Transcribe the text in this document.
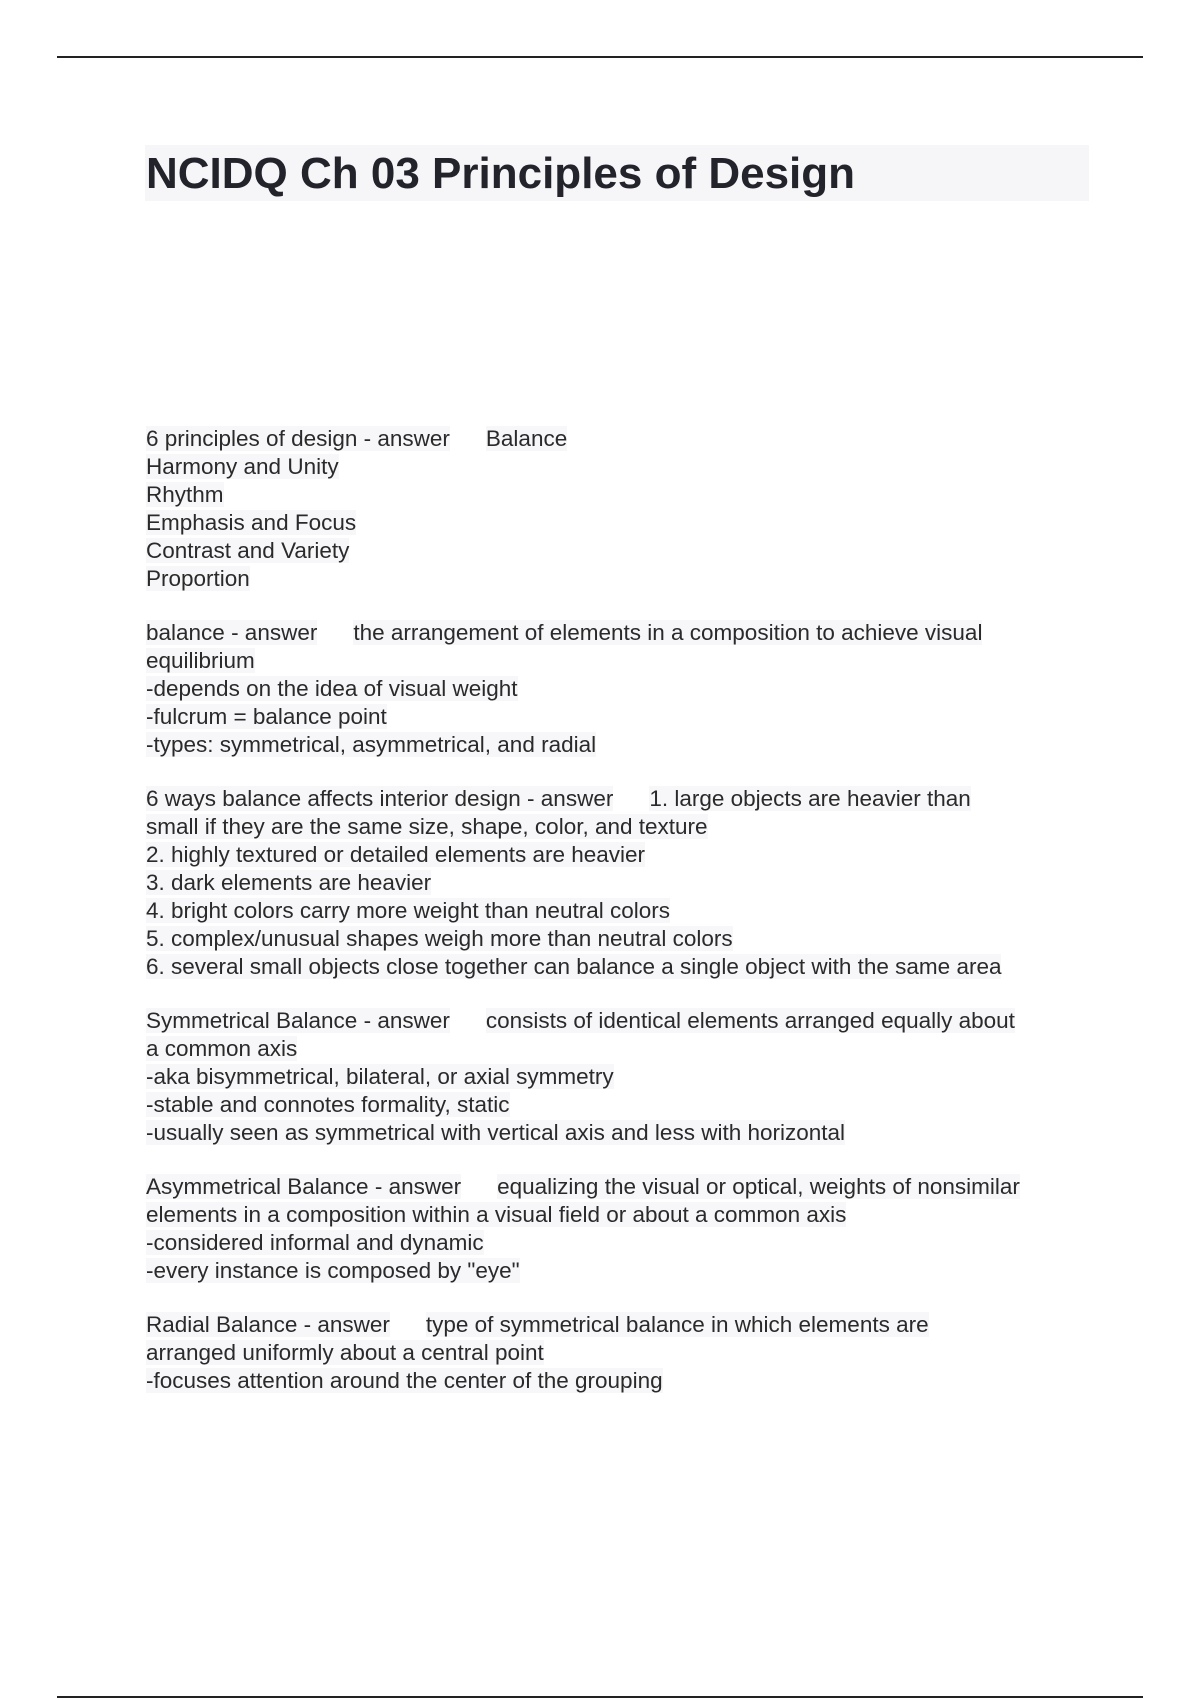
NCIDQ Ch 03 Principles of Design
6 principles of design - answer Balance
Harmony and Unity
Rhythm
Emphasis and Focus
Contrast and Variety
Proportion
balance - answer the arrangement of elements in a composition to achieve visual
equilibrium
-depends on the idea of visual weight
-fulcrum = balance point
-types: symmetrical, asymmetrical, and radial
6 ways balance affects interior design - answer 1. large objects are heavier than
small if they are the same size, shape, color, and texture
2. highly textured or detailed elements are heavier
3. dark elements are heavier
4. bright colors carry more weight than neutral colors
5. complex/unusual shapes weigh more than neutral colors
6. several small objects close together can balance a single object with the same area
Symmetrical Balance - answer consists of identical elements arranged equally about
a common axis
-aka bisymmetrical, bilateral, or axial symmetry
-stable and connotes formality, static
-usually seen as symmetrical with vertical axis and less with horizontal
Asymmetrical Balance - answer equalizing the visual or optical, weights of nonsimilar
elements in a composition within a visual field or about a common axis
-considered informal and dynamic
-every instance is composed by "eye"
Radial Balance - answer type of symmetrical balance in which elements are
arranged uniformly about a central point
-focuses attention around the center of the grouping
